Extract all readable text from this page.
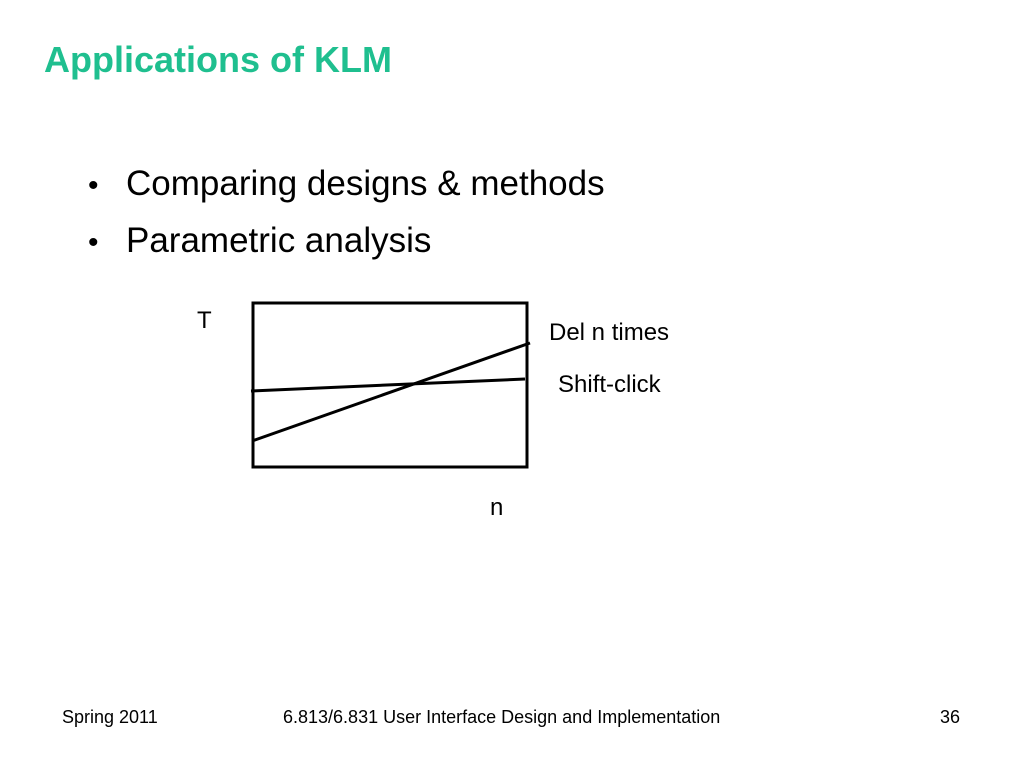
Applications of KLM
• Comparing designs & methods
• Parametric analysis
T
n
Del n times
Shift-click
Spring 2011	6.813/6.831 User Interface Design and Implementation	36
